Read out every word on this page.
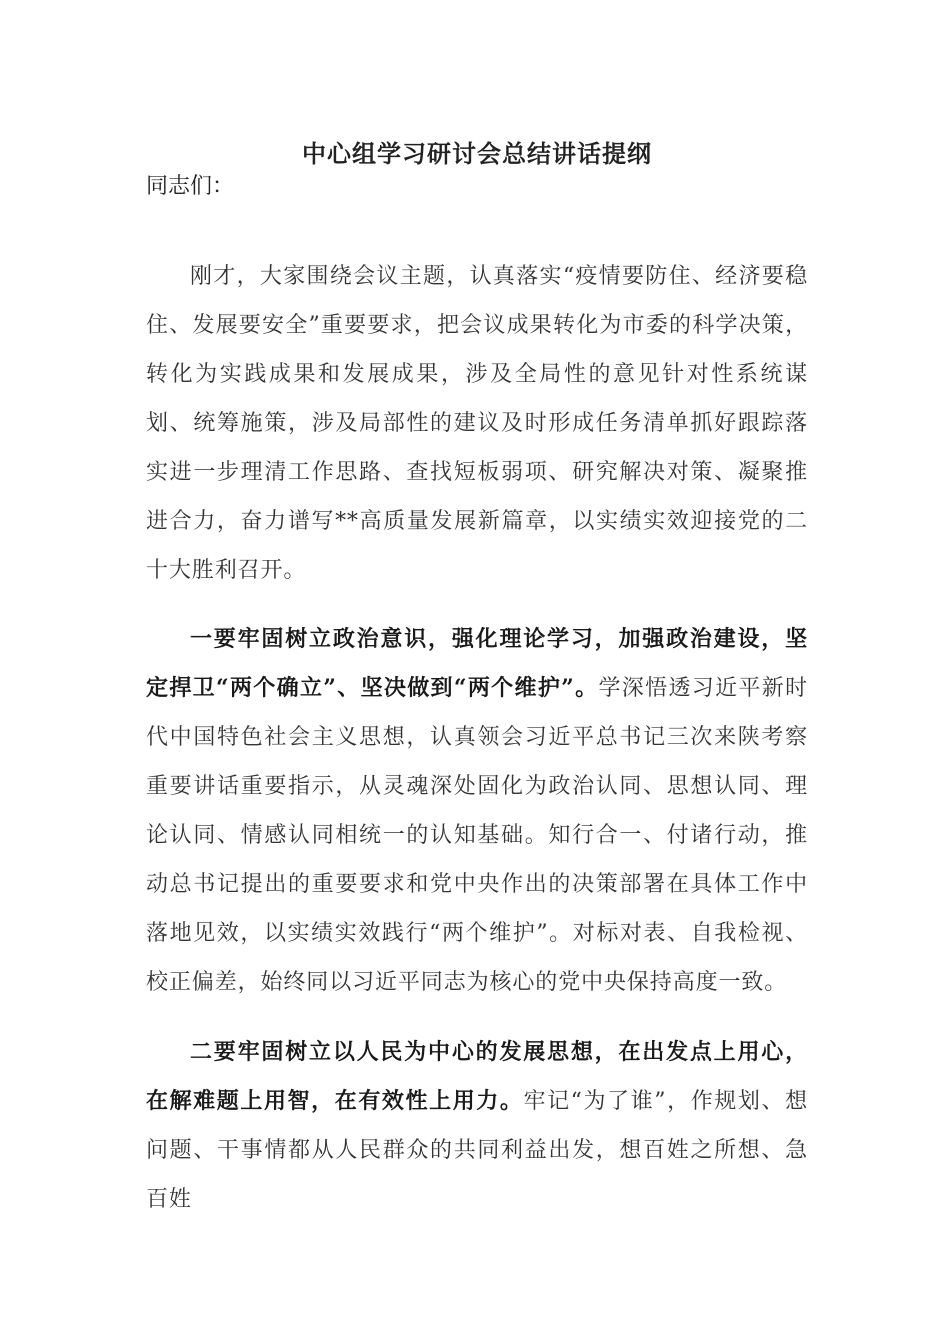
中心组学习研讨会总结讲话提纲

同志们：

刚才，大家围绕会议主题，认真落实“疫情要防住、经济要稳住、发展要安全”重要要求，把会议成果转化为市委的科学决策，转化为实践成果和发展成果，涉及全局性的意见针对性系统谋划、统筹施策，涉及局部性的建议及时形成任务清单抓好跟踪落实进一步理清工作思路、查找短板弱项、研究解决对策、凝聚推进合力，奋力谱写**高质量发展新篇章，以实绩实效迎接党的二十大胜利召开。

一要牢固树立政治意识，强化理论学习，加强政治建设，坚定捍卫“两个确立”、坚决做到“两个维护”。学深悟透习近平新时代中国特色社会主义思想，认真领会习近平总书记三次来陕考察重要讲话重要指示，从灵魂深处固化为政治认同、思想认同、理论认同、情感认同相统一的认知基础。知行合一、付诸行动，推动总书记提出的重要要求和党中央作出的决策部署在具体工作中落地见效，以实绩实效践行“两个维护”。对标对表、自我检视、校正偏差，始终同以习近平同志为核心的党中央保持高度一致。

二要牢固树立以人民为中心的发展思想，在出发点上用心，在解难题上用智，在有效性上用力。牢记“为了谁”，作规划、想问题、干事情都从人民群众的共同利益出发，想百姓之所想、急百姓
